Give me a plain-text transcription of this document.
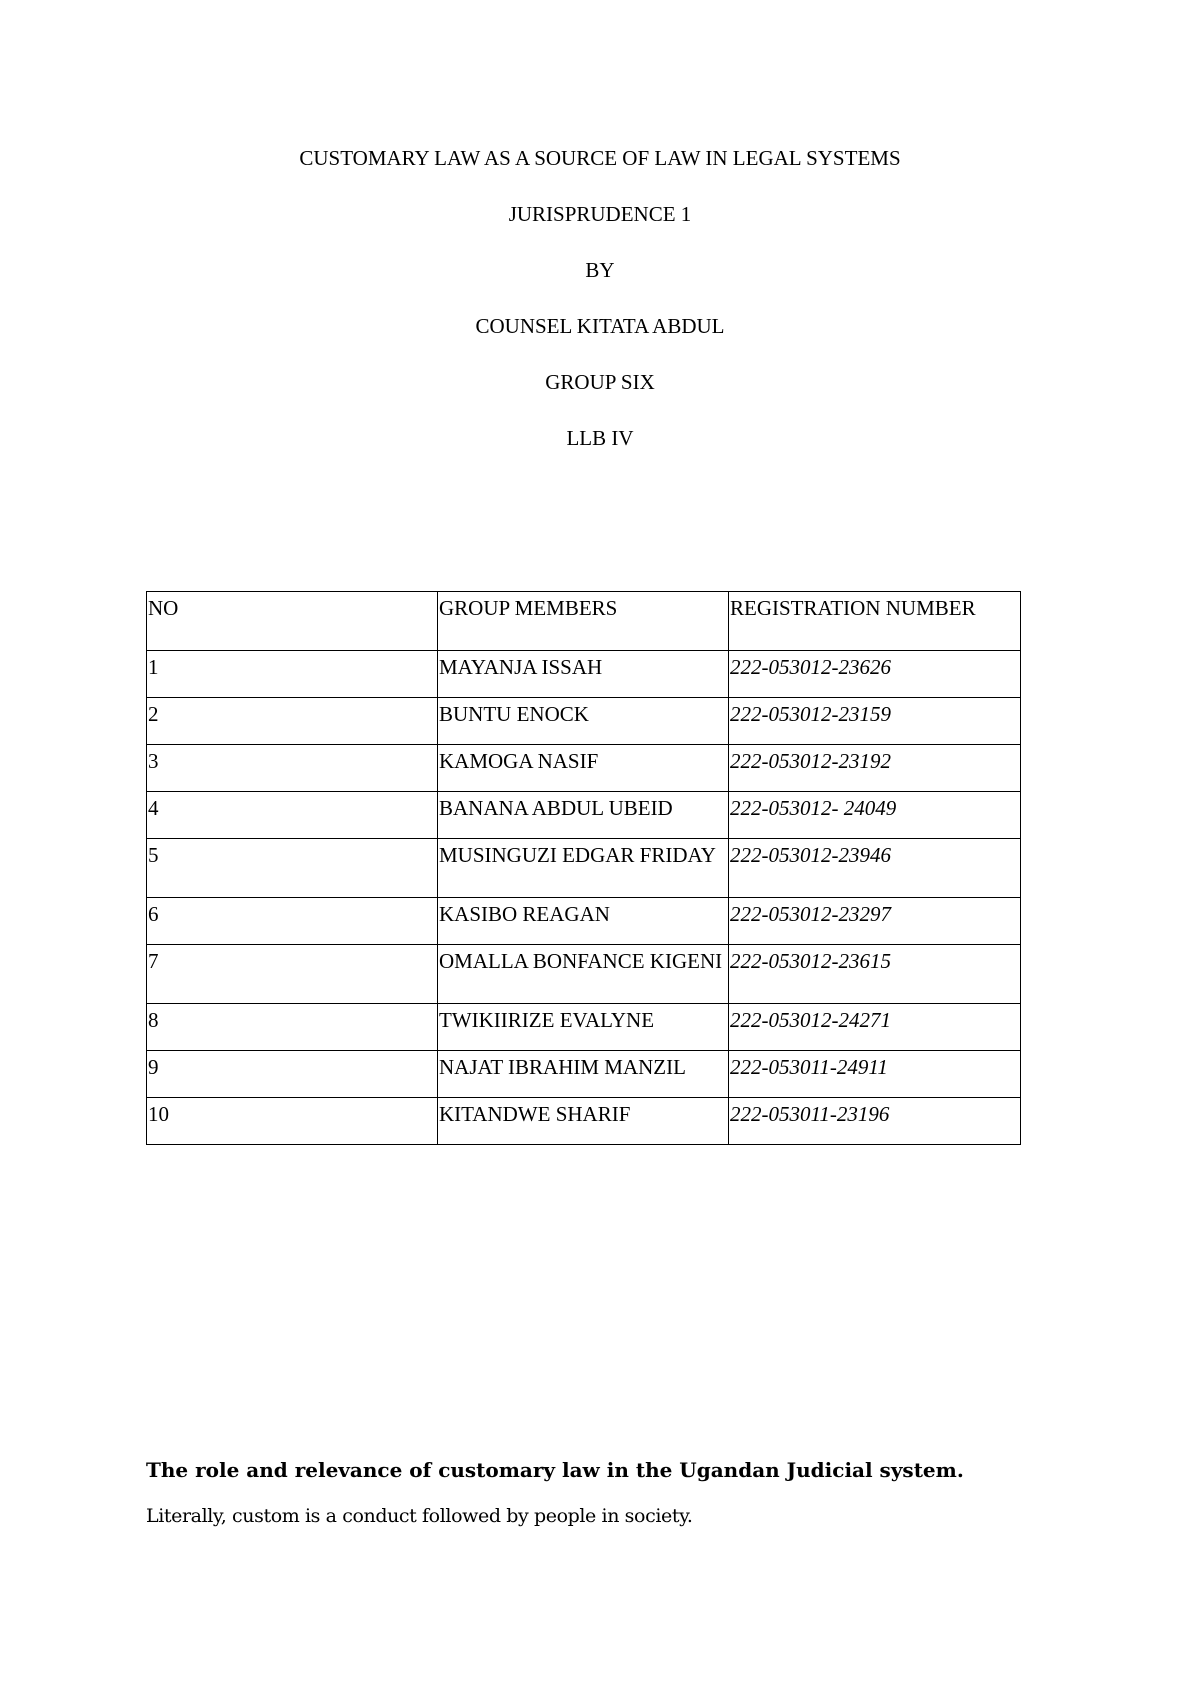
CUSTOMARY LAW AS A SOURCE OF LAW IN LEGAL SYSTEMS
JURISPRUDENCE 1
BY
COUNSEL KITATA ABDUL
GROUP SIX
LLB IV
NO	GROUP MEMBERS	REGISTRATION NUMBER
1	MAYANJA ISSAH	222-053012-23626
2	BUNTU ENOCK	222-053012-23159
3	KAMOGA NASIF	222-053012-23192
4	BANANA ABDUL UBEID	222-053012- 24049
5	MUSINGUZI EDGAR FRIDAY	222-053012-23946
6	KASIBO REAGAN	222-053012-23297
7	OMALLA BONFANCE KIGENI	222-053012-23615
8	TWIKIIRIZE EVALYNE	222-053012-24271
9	NAJAT IBRAHIM MANZIL	222-053011-24911
10	KITANDWE SHARIF	222-053011-23196

The role and relevance of customary law in the Ugandan Judicial system.

Literally, custom is a conduct followed by people in society.
